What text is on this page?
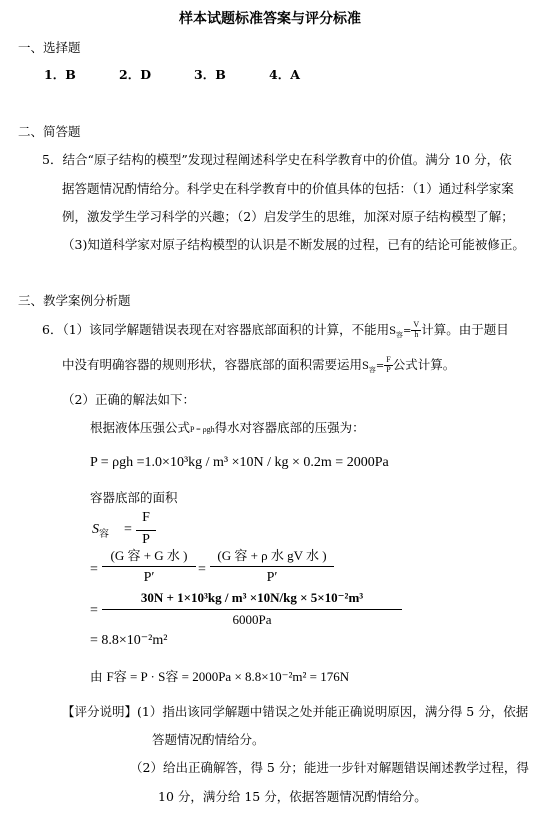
样本试题标准答案与评分标准
一、选择题
1．B	2．D	3．B	4．A
二、简答题
5．结合“原子结构的模型”发现过程阐述科学史在科学教育中的价值。满分 10 分，依
据答题情况酌情给分。科学史在科学教育中的价值具体的包括：（1）通过科学家案
例，激发学生学习科学的兴趣；（2）启发学生的思维，加深对原子结构模型了解；
（3)知道科学家对原子结构模型的认识是不断发展的过程，已有的结论可能被修正。
三、教学案例分析题
6．（1）该同学解题错误表现在对容器底部面积的计算，不能用$S_容= \frac{V}{h}$ 计算。由于题目
中没有明确容器的规则形状，容器底部的面积需要运用$S_容= \frac{F}{P}$ 公式计算。
（2）正确的解法如下：
根据液体压强公式P = ρgh得水对容器底部的压强为：
P = ρgh =1.0×10³kg / m³ ×10N / kg × 0.2m = 2000Pa
容器底部的面积
$S_容$ =
F
P
=
(G 容 + G 水 )
P′
=
(G 容 + ρ 水 gV 水 )
P′
=
30N + 1×10³kg / m³ ×10N/kg × 5×10⁻²m³
6000Pa
= 8.8×10⁻²m²
由 F容 = P · S容 = 2000Pa × 8.8×10⁻²m² = 176N
【评分说明】(1）指出该同学解题中错误之处并能正确说明原因，满分得 5 分，依据
答题情况酌情给分。
（2）给出正确解答，得 5 分；能进一步针对解题错误阐述教学过程，得
10 分，满分给 15 分，依据答题情况酌情给分。
